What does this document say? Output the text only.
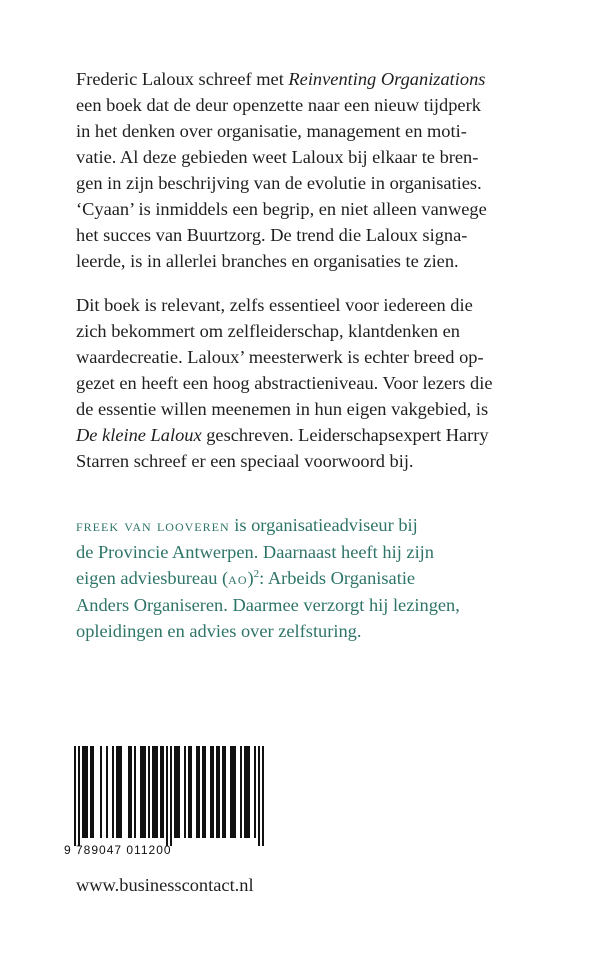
Frederic Laloux schreef met Reinventing Organizations
een boek dat de deur openzette naar een nieuw tijdperk
in het denken over organisatie, management en moti-
vatie. Al deze gebieden weet Laloux bij elkaar te bren-
gen in zijn beschrijving van de evolutie in organisaties.
‘Cyaan’ is inmiddels een begrip, en niet alleen vanwege
het succes van Buurtzorg. De trend die Laloux signa-
leerde, is in allerlei branches en organisaties te zien.
Dit boek is relevant, zelfs essentieel voor iedereen die
zich bekommert om zelfleiderschap, klantdenken en
waardecreatie. Laloux’ meesterwerk is echter breed op-
gezet en heeft een hoog abstractieniveau. Voor lezers die
de essentie willen meenemen in hun eigen vakgebied, is
De kleine Laloux geschreven. Leiderschapsexpert Harry
Starren schreef er een speciaal voorwoord bij.
freek van looveren is organisatieadviseur bij
de Provincie Antwerpen. Daarnaast heeft hij zijn
eigen adviesbureau (ao)$^2$: Arbeids Organisatie
Anders Organiseren. Daarmee verzorgt hij lezingen,
opleidingen en advies over zelfsturing.
9 789047 011200

www.businesscontact.nl
